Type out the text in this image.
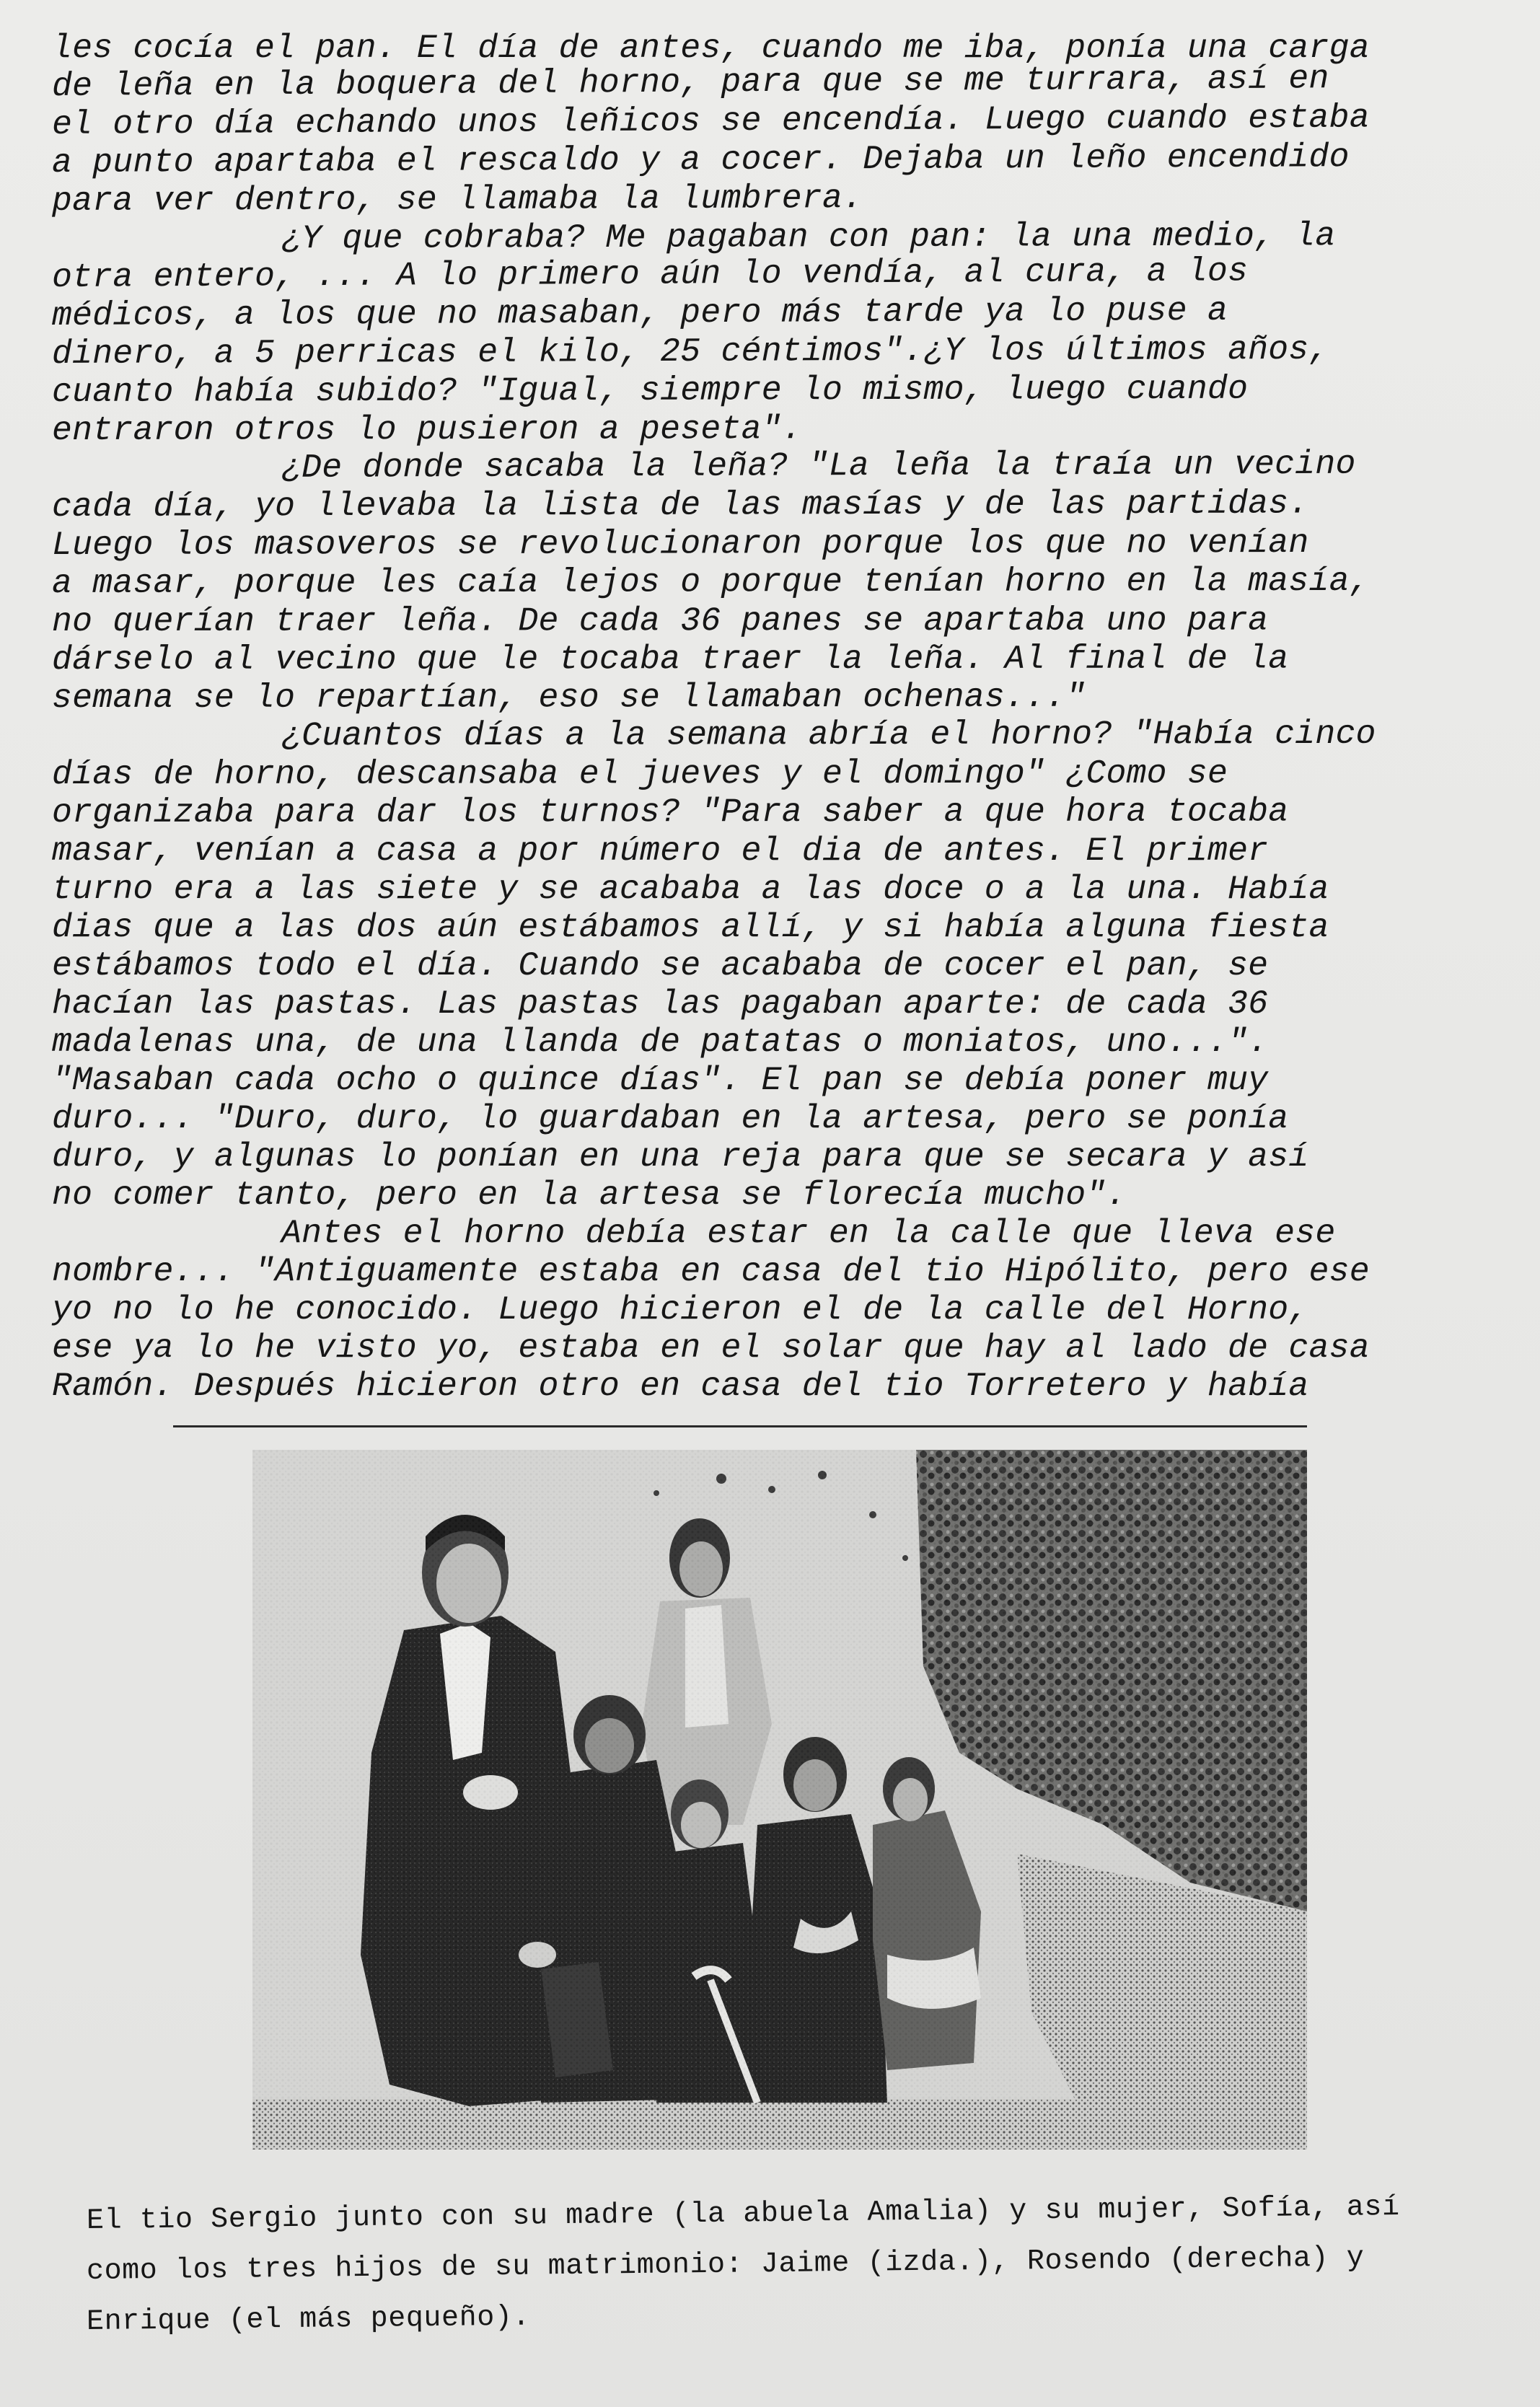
les cocía el pan. El día de antes, cuando me iba, ponía una carga
de leña en la boquera del horno, para que se me turrara, así en
el otro día echando unos leñicos se encendía. Luego cuando estaba
a punto apartaba el rescaldo y a cocer. Dejaba un leño encendido
para ver dentro, se llamaba la lumbrera.
¿Y que cobraba? Me pagaban con pan: la una medio, la
otra entero, ... A lo primero aún lo vendía, al cura, a los
médicos, a los que no masaban, pero más tarde ya lo puse a
dinero, a 5 perricas el kilo, 25 céntimos".¿Y los últimos años,
cuanto había subido? "Igual, siempre lo mismo, luego cuando
entraron otros lo pusieron a peseta".
¿De donde sacaba la leña? "La leña la traía un vecino
cada día, yo llevaba la lista de las masías y de las partidas.
Luego los masoveros se revolucionaron porque los que no venían
a masar, porque les caía lejos o porque tenían horno en la masía,
no querían traer leña. De cada 36 panes se apartaba uno para
dárselo al vecino que le tocaba traer la leña. Al final de la
semana se lo repartían, eso se llamaban ochenas..."
¿Cuantos días a la semana abría el horno? "Había cinco
días de horno, descansaba el jueves y el domingo" ¿Como se
organizaba para dar los turnos? "Para saber a que hora tocaba
masar, venían a casa a por número el dia de antes. El primer
turno era a las siete y se acababa a las doce o a la una. Había
dias que a las dos aún estábamos allí, y si había alguna fiesta
estábamos todo el día. Cuando se acababa de cocer el pan, se
hacían las pastas. Las pastas las pagaban aparte: de cada 36
madalenas una, de una llanda de patatas o moniatos, uno...".
"Masaban cada ocho o quince días". El pan se debía poner muy
duro... "Duro, duro, lo guardaban en la artesa, pero se ponía
duro, y algunas lo ponían en una reja para que se secara y así
no comer tanto, pero en la artesa se florecía mucho".
Antes el horno debía estar en la calle que lleva ese
nombre... "Antiguamente estaba en casa del tio Hipólito, pero ese
yo no lo he conocido. Luego hicieron el de la calle del Horno,
ese ya lo he visto yo, estaba en el solar que hay al lado de casa
Ramón. Después hicieron otro en casa del tio Torretero y había
El tio Sergio junto con su madre (la abuela Amalia) y su mujer, Sofía, así
como los tres hijos de su matrimonio: Jaime (izda.), Rosendo (derecha) y
Enrique (el más pequeño).
